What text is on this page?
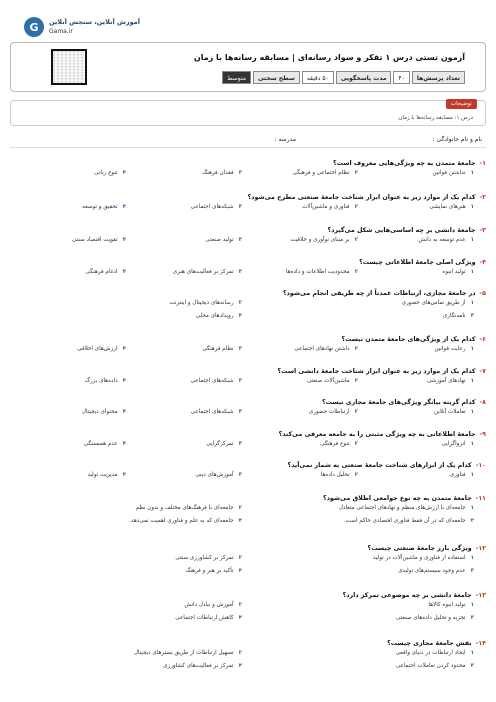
G	آموزش آنلاین، سنجش آنلاین
Gama.ir
آزمون تستی درس ۱ تفکر و سواد رسانه‌ای | مسابقه رسانه‌ها با زمان
تعداد پرسش‌ها
۴۰
مدت پاسخگویی
۵۰ دقیقه
سطح سختی
متوسط
توضیحات
درس ۱: مسابقه رسانه‌ها با زمان
نام و نام خانوادگی :
مدرسه :
۱-جامعهٔ متمدن به چه ویژگی‌هایی معروف است؟
۱نداشتن قوانین
۲نظام اجتماعی و فرهنگی
۳فقدان فرهنگ
۴تنوع زبانی
۲-کدام یک از موارد زیر به عنوان ابزار شناخت جامعهٔ صنعتی مطرح می‌شود؟
۱هنرهای نمایشی
۲فناوری و ماشین‌آلات
۳شبکه‌های اجتماعی
۴تحقیق و توسعه
۳-جامعهٔ دانشی بر چه اساسی‌هایی شکل می‌گیرد؟
۱عدم توسعه به دانش
۲بر مبنای نوآوری و خلاقیت
۳تولید صنعتی
۴تقویت اقتصاد سنتی
۴-ویژگی اصلی جامعهٔ اطلاعاتی چیست؟
۱تولید انبوه
۲محدودیت اطلاعات و داده‌ها
۳تمرکز بر فعالیت‌های هنری
۴ادغام فرهنگی
۵-در جامعهٔ مجازی، ارتباطات عمدتاً از چه طریقی انجام می‌شود؟
۱از طریق تماس‌های حضوری
۲رسانه‌های دیجیتال و اینترنت
۳نامه‌نگاری
۴رویدادهای محلی
۶-کدام یک از ویژگی‌های جامعهٔ متمدن نیست؟
۱رعایت قوانین
۲داشتن نهادهای اجتماعی
۳نظام فرهنگی
۴ارزش‌های اخلاقی
۷-کدام یک از موارد زیر به عنوان ابزار شناخت جامعهٔ دانشی است؟
۱نهادهای آموزشی
۲ماشین‌آلات صنعتی
۳شبکه‌های اجتماعی
۴داده‌های بزرگ
۸-کدام گزینه بیانگر ویژگی‌های جامعهٔ مجازی نیست؟
۱تعاملات آنلاین
۲ارتباطات حضوری
۳شبکه‌های اجتماعی
۴محتوای دیجیتال
۹-جامعهٔ اطلاعاتی به چه ویژگی مثبتی را به جامعه معرفی می‌کند؟
۱انزواگرایی
۲تنوع فرهنگی
۳تمرکز‌گرایی
۴عدم همبستگی
۱۰-کدام یک از ابزارهای شناخت جامعهٔ صنعتی به شمار نمی‌آید؟
۱فناوری
۲تحلیل داده‌ها
۳آموزش‌های دینی
۴مدیریت تولید
۱۱-جامعهٔ متمدن به چه نوع جوامعی اطلاق می‌شود؟
۱جامعه‌ای با ارزش‌های منظم و نهادهای اجتماعی متعادل
۲جامعه‌ای با فرهنگ‌های مختلف و بدون نظم
۳جامعه‌ای که در آن فقط فناوری اقتصادی حاکم است.
۴جامعه‌ای که به علم و فناوری اهمیت نمی‌دهد.
۱۲-ویژگی بارز جامعهٔ صنعتی چیست؟
۱استفاده از فناوری و ماشین‌آلات در تولید
۲تمرکز بر کشاورزی سنتی
۳عدم وجود سیستم‌های تولیدی
۴تأکید بر هنر و فرهنگ
۱۳-جامعهٔ دانشی بر چه موضوعی تمرکز دارد؟
۱تولید انبوه کالاها
۲آموزش و تبادل دانش
۳تجزیه و تحلیل داده‌های صنعتی
۴کاهش ارتباطات اجتماعی
۱۴-نقش جامعهٔ مجازی چیست؟
۱ایجاد ارتباطات در دنیای واقعی
۲تسهیل ارتباطات از طریق بسترهای دیجیتال
۳محدود کردن تعاملات اجتماعی
۴تمرکز بر فعالیت‌های کشاورزی
